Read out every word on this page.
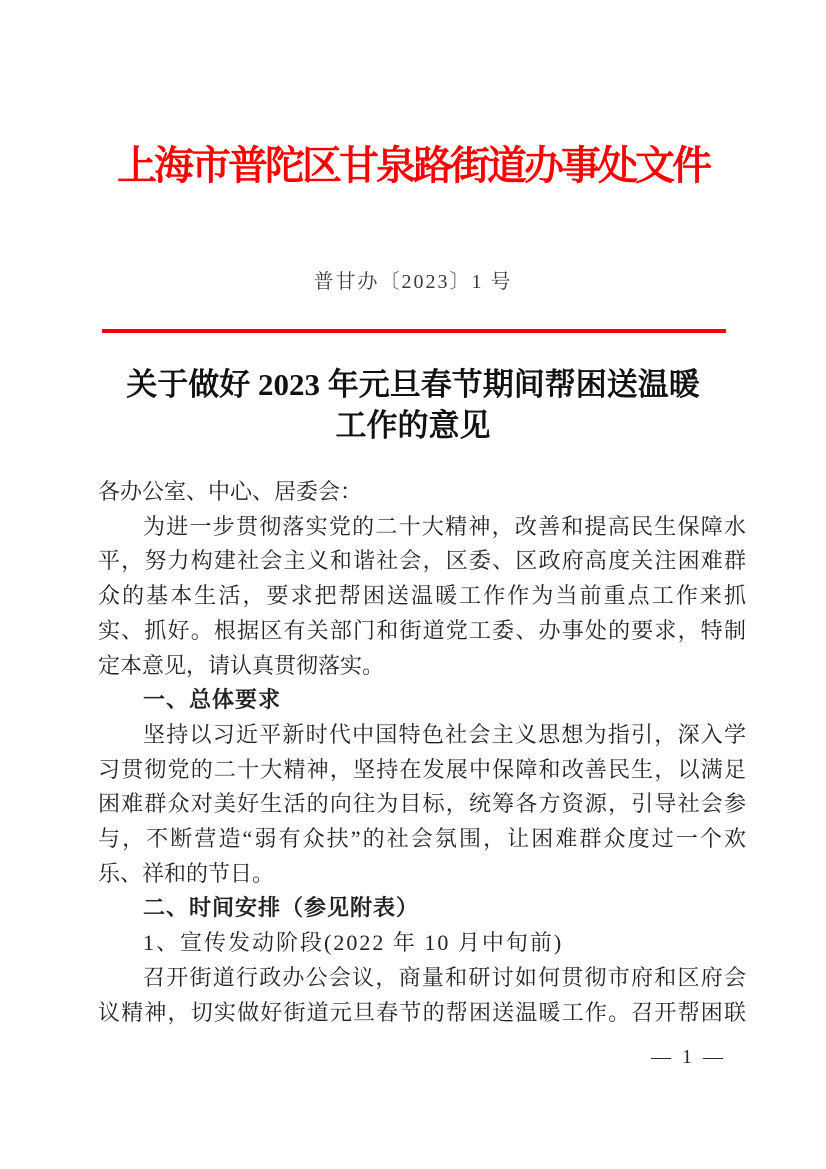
上海市普陀区甘泉路街道办事处文件
普甘办〔2023〕1 号
关于做好 2023 年元旦春节期间帮困送温暖
工作的意见
各办公室、中心、居委会：
为进一步贯彻落实党的二十大精神，改善和提高民生保障水
平，努力构建社会主义和谐社会，区委、区政府高度关注困难群
众的基本生活，要求把帮困送温暖工作作为当前重点工作来抓
实、抓好。根据区有关部门和街道党工委、办事处的要求，特制
定本意见，请认真贯彻落实。
一、总体要求
坚持以习近平新时代中国特色社会主义思想为指引，深入学
习贯彻党的二十大精神，坚持在发展中保障和改善民生，以满足
困难群众对美好生活的向往为目标，统筹各方资源，引导社会参
与，不断营造“弱有众扶”的社会氛围，让困难群众度过一个欢
乐、祥和的节日。
二、时间安排（参见附表）
1、宣传发动阶段(2022 年 10 月中旬前)
召开街道行政办公会议，商量和研讨如何贯彻市府和区府会
议精神，切实做好街道元旦春节的帮困送温暖工作。召开帮困联
— 1 —
